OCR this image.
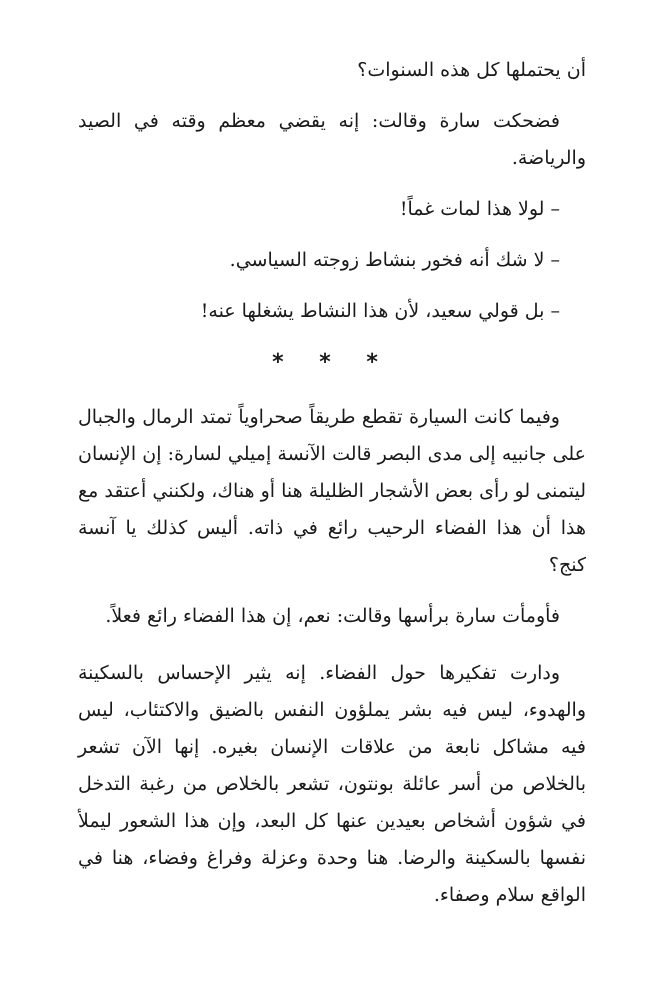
أن يحتملها كل هذه السنوات؟

فضحكت سارة وقالت: إنه يقضي معظم وقته في الصيد والرياضة.

– لولا هذا لمات غماً!

– لا شك أنه فخور بنشاط زوجته السياسي.

– بل قولي سعيد، لأن هذا النشاط يشغلها عنه!

* * *

وفيما كانت السيارة تقطع طريقاً صحراوياً تمتد الرمال والجبال على جانبيه إلى مدى البصر قالت الآنسة إميلي لسارة: إن الإنسان ليتمنى لو رأى بعض الأشجار الظليلة هنا أو هناك، ولكنني أعتقد مع هذا أن هذا الفضاء الرحيب رائع في ذاته. أليس كذلك يا آنسة كنج؟

فأومأت سارة برأسها وقالت: نعم، إن هذا الفضاء رائع فعلاً.

ودارت تفكيرها حول الفضاء. إنه يثير الإحساس بالسكينة والهدوء، ليس فيه بشر يملؤون النفس بالضيق والاكتئاب، ليس فيه مشاكل نابعة من علاقات الإنسان بغيره. إنها الآن تشعر بالخلاص من أسر عائلة بونتون، تشعر بالخلاص من رغبة التدخل في شؤون أشخاص بعيدين عنها كل البعد، وإن هذا الشعور ليملأ نفسها بالسكينة والرضا. هنا وحدة وعزلة وفراغ وفضاء، هنا في الواقع سلام وصفاء.
